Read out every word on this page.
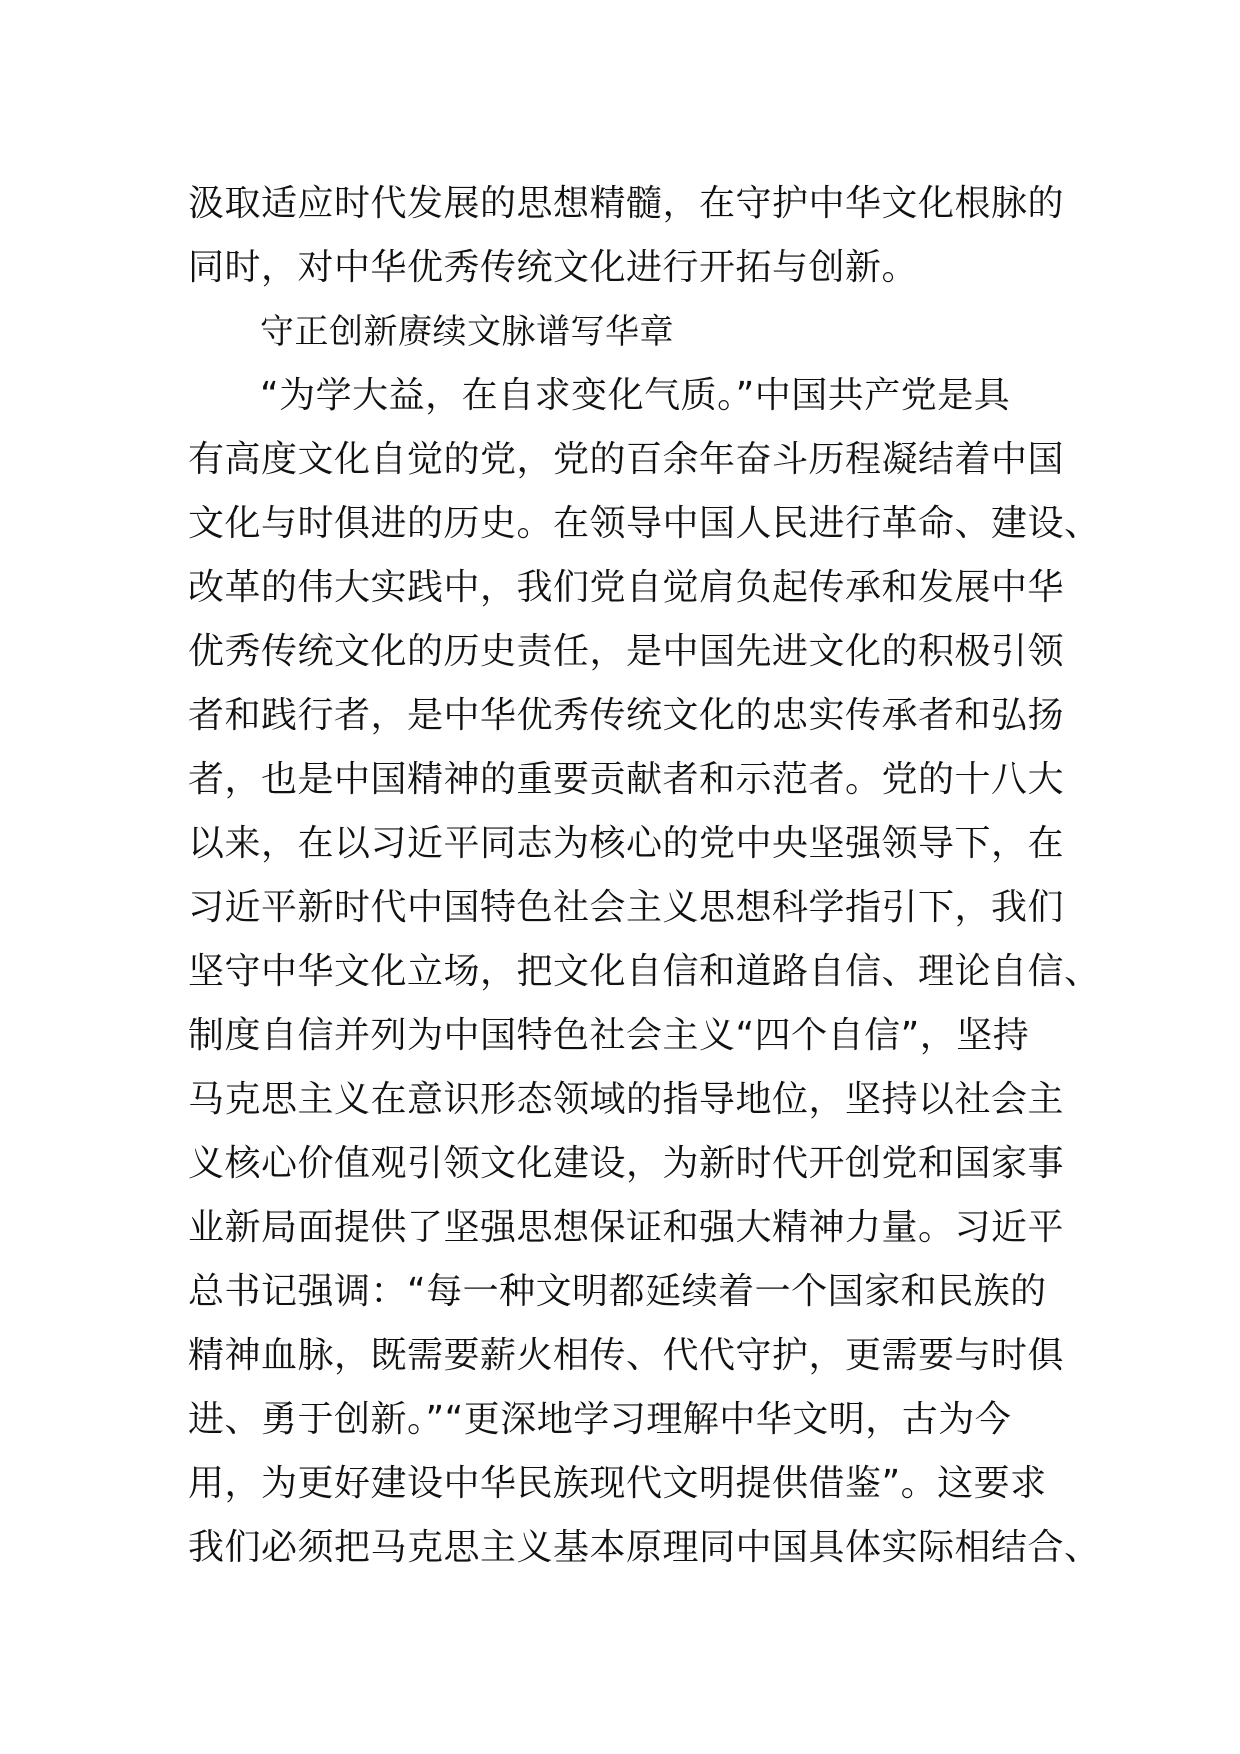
汲取适应时代发展的思想精髓，在守护中华文化根脉的
同时，对中华优秀传统文化进行开拓与创新。
守正创新赓续文脉谱写华章
“为学大益，在自求变化气质。”中国共产党是具
有高度文化自觉的党，党的百余年奋斗历程凝结着中国
文化与时俱进的历史。在领导中国人民进行革命、建设、
改革的伟大实践中，我们党自觉肩负起传承和发展中华
优秀传统文化的历史责任，是中国先进文化的积极引领
者和践行者，是中华优秀传统文化的忠实传承者和弘扬
者，也是中国精神的重要贡献者和示范者。党的十八大
以来，在以习近平同志为核心的党中央坚强领导下，在
习近平新时代中国特色社会主义思想科学指引下，我们
坚守中华文化立场，把文化自信和道路自信、理论自信、
制度自信并列为中国特色社会主义“四个自信”，坚持
马克思主义在意识形态领域的指导地位，坚持以社会主
义核心价值观引领文化建设，为新时代开创党和国家事
业新局面提供了坚强思想保证和强大精神力量。习近平
总书记强调：“每一种文明都延续着一个国家和民族的
精神血脉，既需要薪火相传、代代守护，更需要与时俱
进、勇于创新。”“更深地学习理解中华文明，古为今
用，为更好建设中华民族现代文明提供借鉴”。这要求
我们必须把马克思主义基本原理同中国具体实际相结合、
